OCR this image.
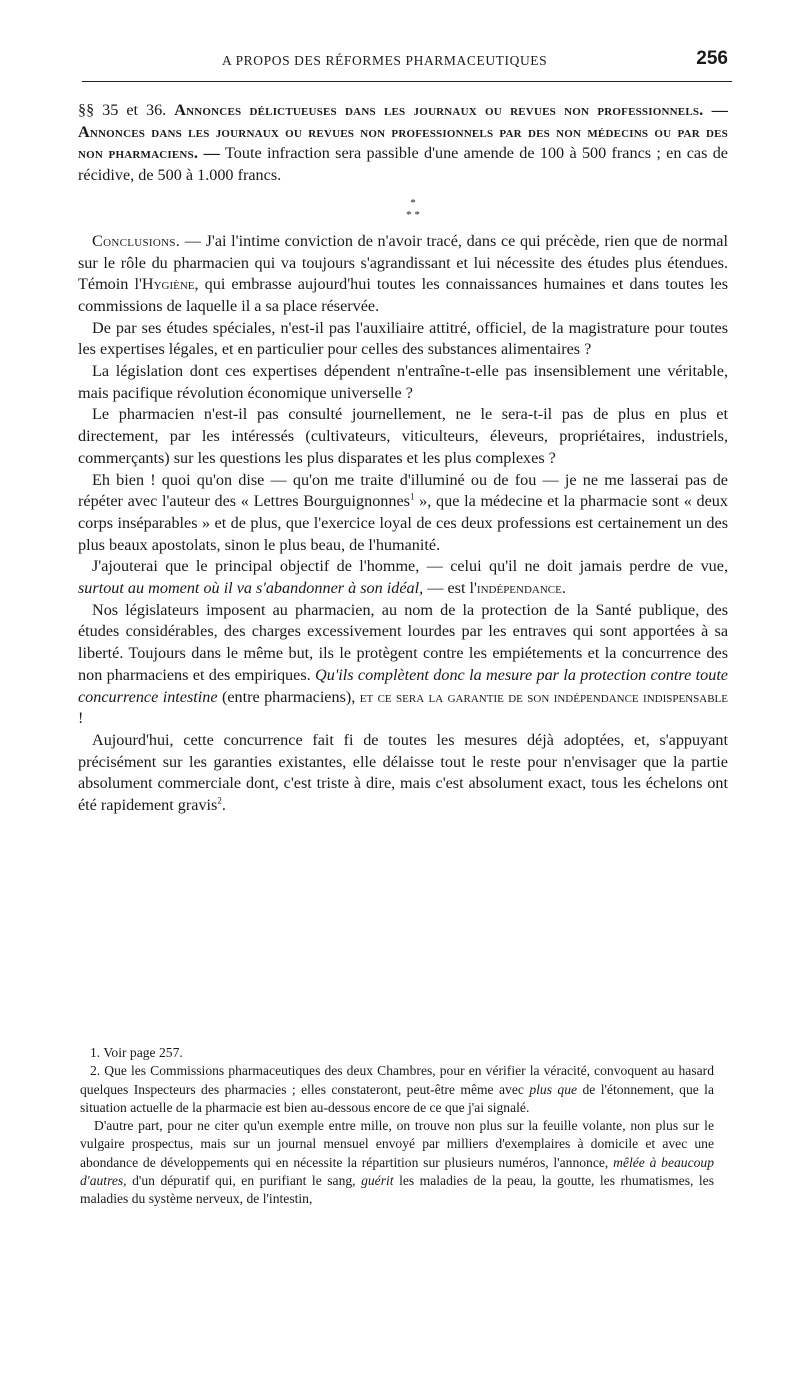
A PROPOS DES RÉFORMES PHARMACEUTIQUES	256

§§ 35 et 36. Annonces délictueuses dans les journaux ou revues non professionnels. — Annonces dans les journaux ou revues non professionnels par des non médecins ou par des non pharmaciens. — Toute infraction sera passible d'une amende de 100 à 500 francs ; en cas de récidive, de 500 à 1.000 francs.

*
* *

Conclusions. — J'ai l'intime conviction de n'avoir tracé, dans ce qui précède, rien que de normal sur le rôle du pharmacien qui va toujours s'agrandissant et lui nécessite des études plus étendues. Témoin l'Hygiène, qui embrasse aujourd'hui toutes les connaissances humaines et dans toutes les commissions de laquelle il a sa place réservée.

De par ses études spéciales, n'est-il pas l'auxiliaire attitré, officiel, de la magistrature pour toutes les expertises légales, et en particulier pour celles des substances alimentaires ?

La législation dont ces expertises dépendent n'entraîne-t-elle pas insensiblement une véritable, mais pacifique révolution économique universelle ?

Le pharmacien n'est-il pas consulté journellement, ne le sera-t-il pas de plus en plus et directement, par les intéressés (cultivateurs, viticulteurs, éleveurs, propriétaires, industriels, commerçants) sur les questions les plus disparates et les plus complexes ?

Eh bien ! quoi qu'on dise — qu'on me traite d'illuminé ou de fou — je ne me lasserai pas de répéter avec l'auteur des « Lettres Bourguignonnes$^1$ », que la médecine et la pharmacie sont « deux corps inséparables » et de plus, que l'exercice loyal de ces deux professions est certainement un des plus beaux apostolats, sinon le plus beau, de l'humanité.

J'ajouterai que le principal objectif de l'homme, — celui qu'il ne doit jamais perdre de vue, surtout au moment où il va s'abandonner à son idéal, — est l'indépendance.

Nos législateurs imposent au pharmacien, au nom de la protection de la Santé publique, des études considérables, des charges excessivement lourdes par les entraves qui sont apportées à sa liberté. Toujours dans le même but, ils le protègent contre les empiétements et la concurrence des non pharmaciens et des empiriques. Qu'ils complètent donc la mesure par la protection contre toute concurrence intestine (entre pharmaciens), et ce sera la garantie de son indépendance indispensable !

Aujourd'hui, cette concurrence fait fi de toutes les mesures déjà adoptées, et, s'appuyant précisément sur les garanties existantes, elle délaisse tout le reste pour n'envisager que la partie absolument commerciale dont, c'est triste à dire, mais c'est absolument exact, tous les échelons ont été rapidement gravis$^2$.

1. Voir page 257.

2. Que les Commissions pharmaceutiques des deux Chambres, pour en vérifier la véracité, convoquent au hasard quelques Inspecteurs des pharmacies ; elles constateront, peut-être même avec plus que de l'étonnement, que la situation actuelle de la pharmacie est bien au-dessous encore de ce que j'ai signalé.

D'autre part, pour ne citer qu'un exemple entre mille, on trouve non plus sur la feuille volante, non plus sur le vulgaire prospectus, mais sur un journal mensuel envoyé par milliers d'exemplaires à domicile et avec une abondance de développements qui en nécessite la répartition sur plusieurs numéros, l'annonce, mêlée à beaucoup d'autres, d'un dépuratif qui, en purifiant le sang, guérit les maladies de la peau, la goutte, les rhumatismes, les maladies du système nerveux, de l'intestin,
